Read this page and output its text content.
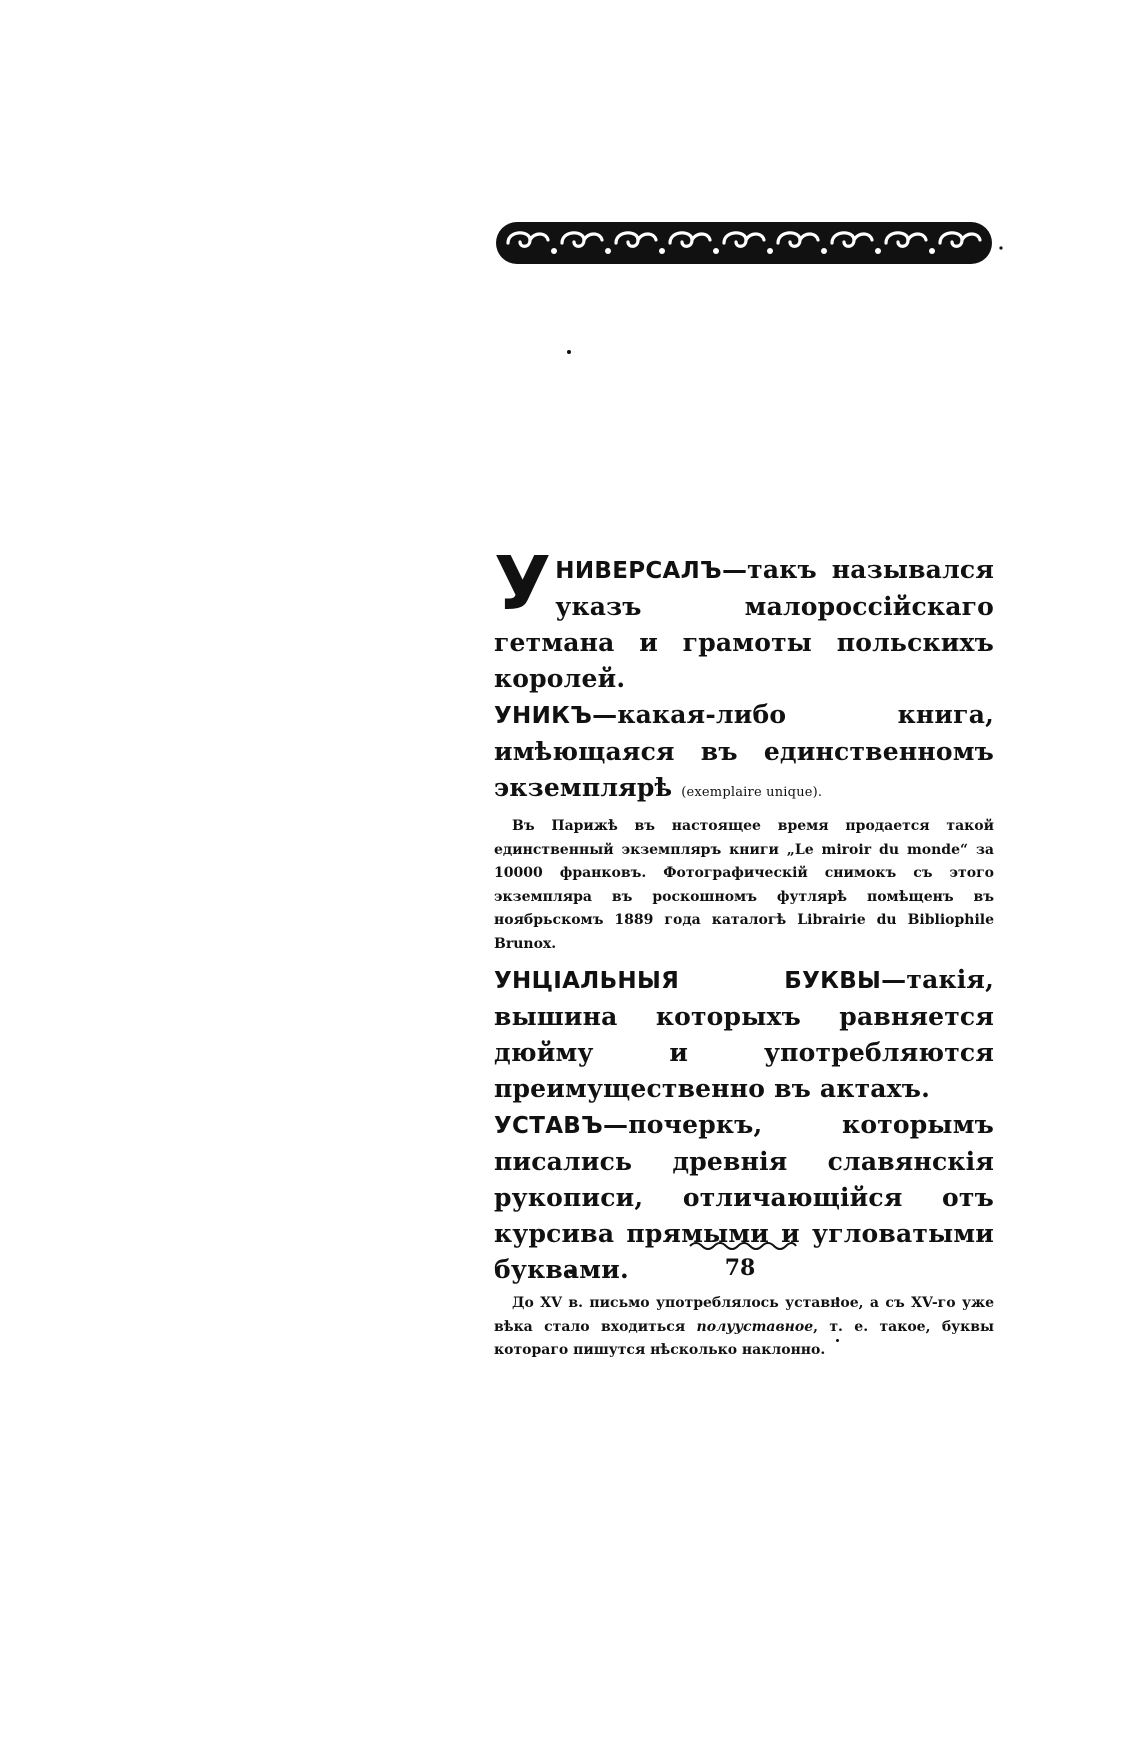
УНИВЕРСАЛЪ—такъ назывался указъ малороссійскаго гетмана и грамоты польскихъ королей.
УНИКЪ—какая-либо книга, имѣющаяся въ единственномъ экземплярѣ (exemplaire unique).
Въ Парижѣ въ настоящее время продается такой единственный экземпляръ книги „Le miroir du monde“ за 10000 франковъ. Фотографическій снимокъ съ этого экземпляра въ роскошномъ футлярѣ помѣщенъ въ ноябрьскомъ 1889 года каталогѣ Librairie du Bibliophile Brunox.
УНЦІАЛЬНЫЯ БУКВЫ—такія, вышина которыхъ равняется дюйму и употребляются преимущественно въ актахъ.
УСТАВЪ—почеркъ, которымъ писались древнія славянскія рукописи, отличающійся отъ курсива прямыми и угловатыми буквами.
До XV в. письмо употреблялось уставное, а съ XV-го уже вѣка стало входиться полууставное, т. е. такое, буквы котораго пишутся нѣсколько наклонно.
78
